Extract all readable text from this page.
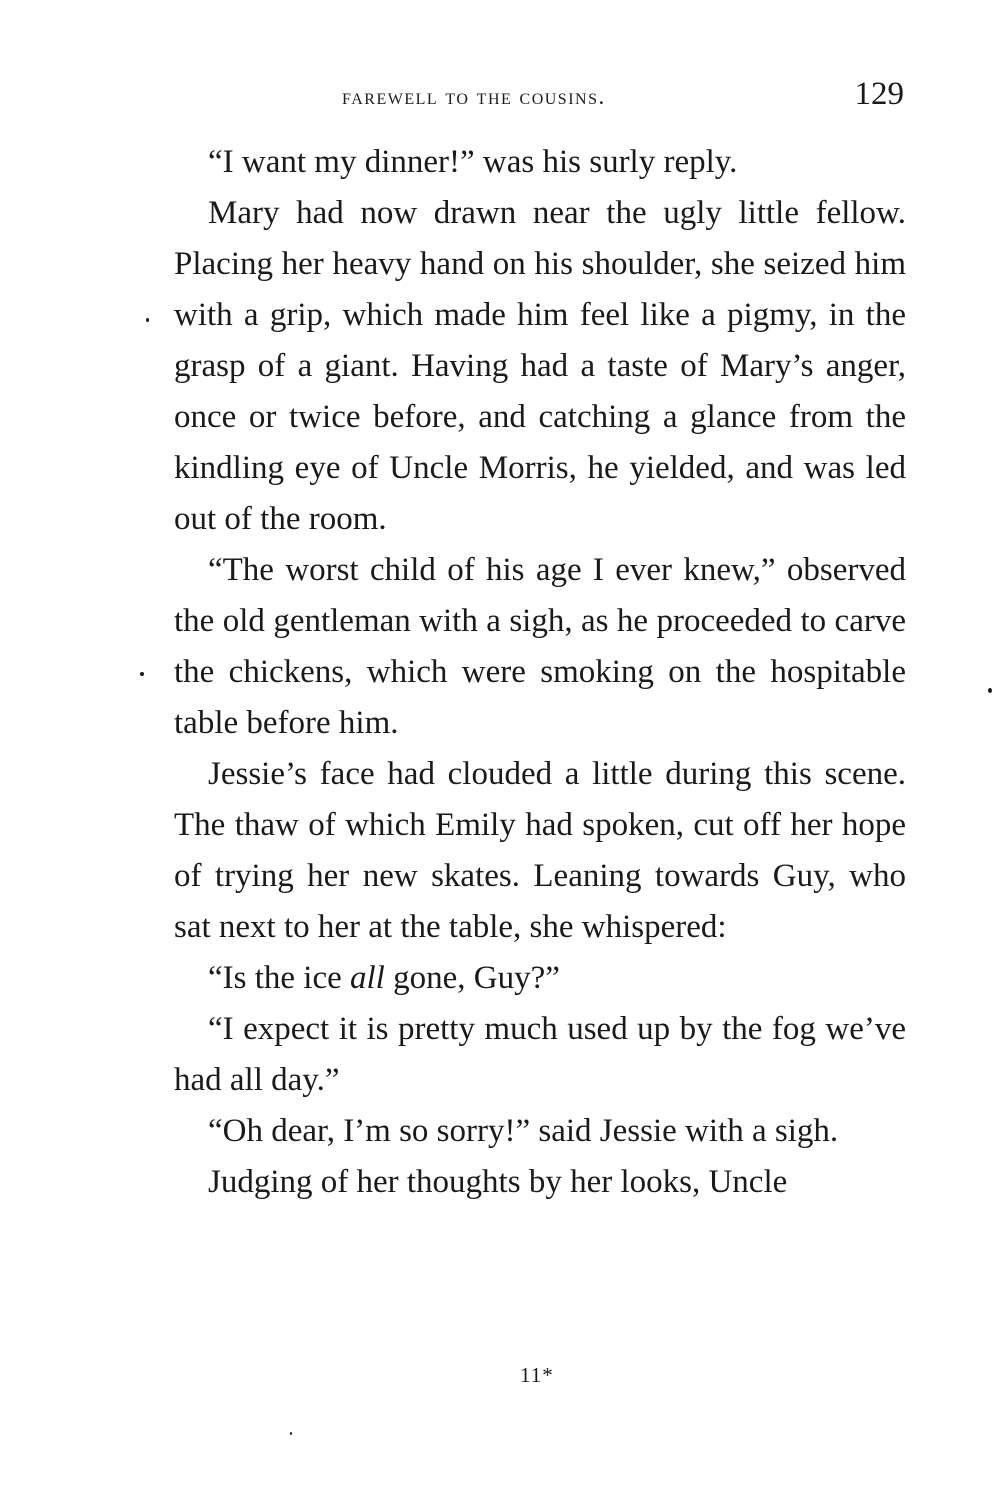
farewell to the cousins.	129

“I want my dinner!” was his surly reply.

Mary had now drawn near the ugly little fellow. Placing her heavy hand on his shoulder, she seized him with a grip, which made him feel like a pigmy, in the grasp of a giant. Having had a taste of Mary’s anger, once or twice before, and catching a glance from the kindling eye of Uncle Morris, he yielded, and was led out of the room.

“The worst child of his age I ever knew,” observed the old gentleman with a sigh, as he proceeded to carve the chickens, which were smoking on the hospitable table before him.

Jessie’s face had clouded a little during this scene. The thaw of which Emily had spoken, cut off her hope of trying her new skates. Leaning towards Guy, who sat next to her at the table, she whispered:

“Is the ice all gone, Guy?”

“I expect it is pretty much used up by the fog we’ve had all day.”

“Oh dear, I’m so sorry!” said Jessie with a sigh.

Judging of her thoughts by her looks, Uncle

11*
